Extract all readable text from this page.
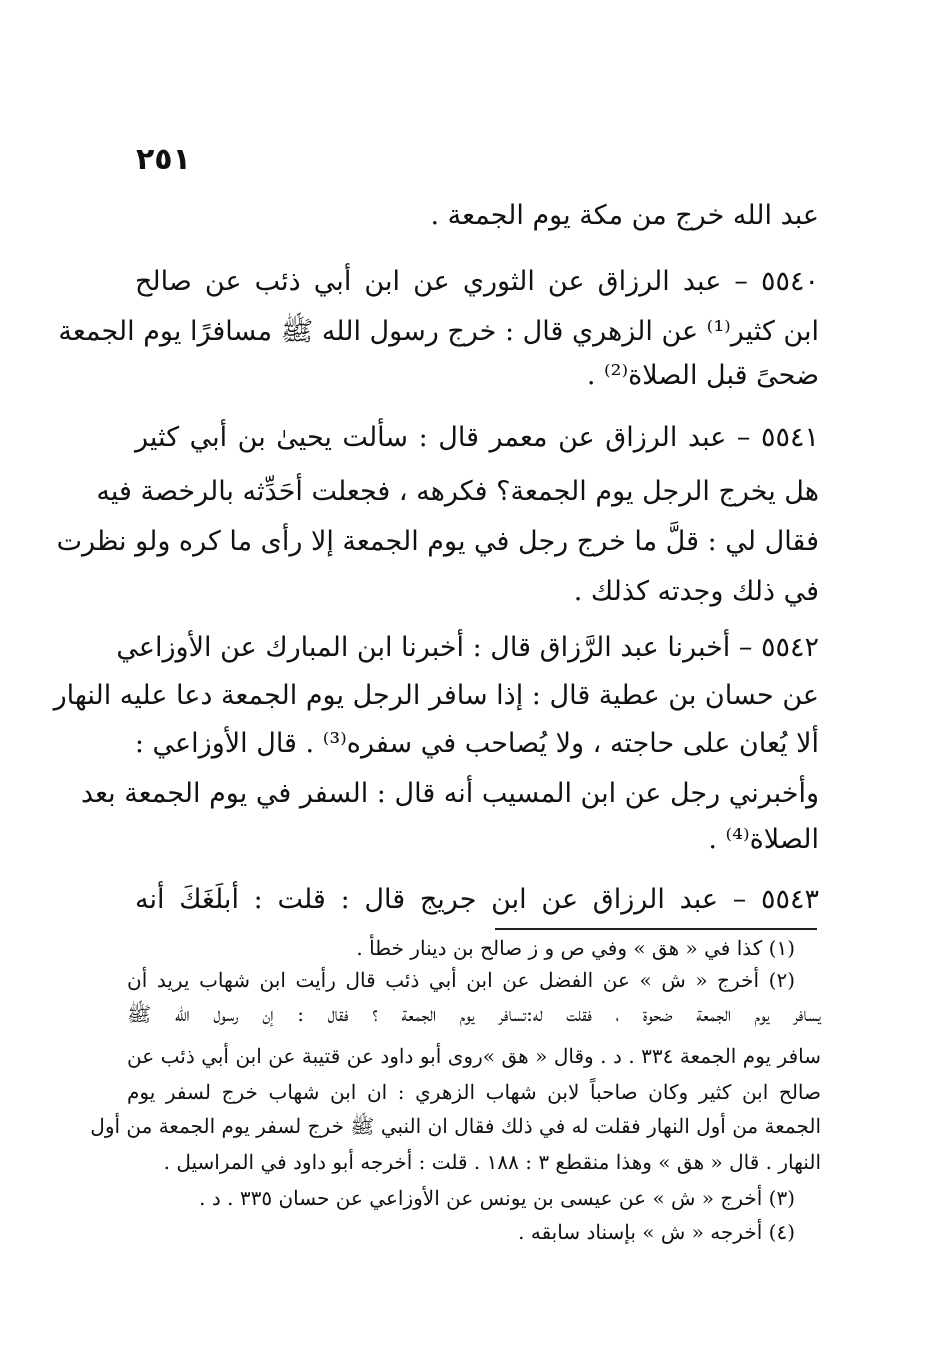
٢٥١
عبد الله خرج من مكة يوم الجمعة .
٥٥٤٠ – عبد الرزاق عن الثوري عن ابن أبي ذئب عن صالح
ابن كثير⁽¹⁾ عن الزهري قال : خرج رسول الله ﷺ مسافرًا يوم الجمعة
ضحىً قبل الصلاة⁽²⁾ .
٥٥٤١ – عبد الرزاق عن معمر قال : سألت يحيىٰ بن أبي كثير
هل يخرج الرجل يوم الجمعة؟ فكرهه ، فجعلت أحَدِّثه بالرخصة فيه
فقال لي : قلَّ ما خرج رجل في يوم الجمعة إلا رأى ما كره ولو نظرت
في ذلك وجدته كذلك .
٥٥٤٢ – أخبرنا عبد الرَّزاق قال : أخبرنا ابن المبارك عن الأوزاعي
عن حسان بن عطية قال : إذا سافر الرجل يوم الجمعة دعا عليه النهار
ألا يُعان على حاجته ، ولا يُصاحب في سفره⁽³⁾ . قال الأوزاعي :
وأخبرني رجل عن ابن المسيب أنه قال : السفر في يوم الجمعة بعد
الصلاة⁽⁴⁾ .
٥٥٤٣ – عبد الرزاق عن ابن جريج قال : قلت : أبلَغَكَ أنه
(١) كذا في « هق » وفي ص و ز صالح بن دينار خطأ .
(٢) أخرج « ش » عن الفضل عن ابن أبي ذئب قال رأيت ابن شهاب يريد أن
يسافر يوم الجمعة ضحوة ، فقلت له:تسافر يوم الجمعة ؟ فقال : إن رسول الله ﷺ
سافر يوم الجمعة ٣٣٤ . د . وقال « هق »روى أبو داود عن قتيبة عن ابن أبي ذئب عن
صالح ابن كثير وكان صاحباً لابن شهاب الزهري : ان ابن شهاب خرج لسفر يوم
الجمعة من أول النهار فقلت له في ذلك فقال ان النبي ﷺ خرج لسفر يوم الجمعة من أول
النهار . قال « هق » وهذا منقطع ٣ : ١٨٨ . قلت : أخرجه أبو داود في المراسيل .
(٣) أخرج « ش » عن عيسى بن يونس عن الأوزاعي عن حسان ٣٣٥ . د .
(٤) أخرجه « ش » بإسناد سابقه .
